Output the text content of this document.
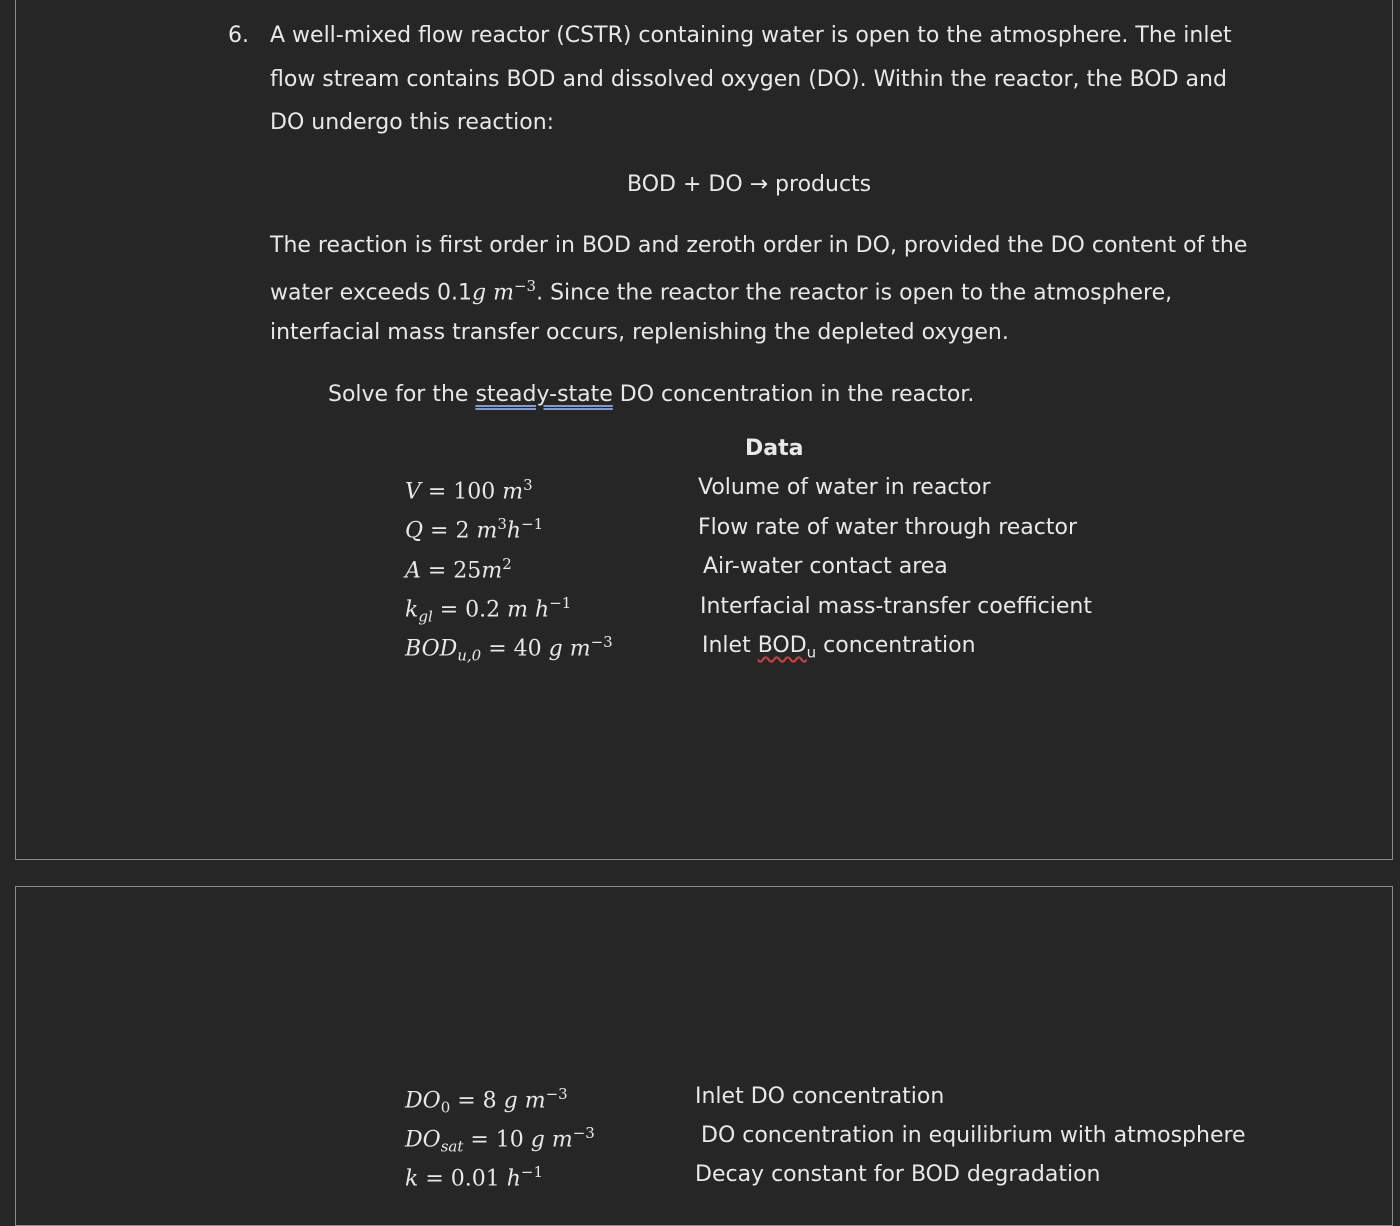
6. A well-mixed flow reactor (CSTR) containing water is open to the atmosphere. The inlet
flow stream contains BOD and dissolved oxygen (DO). Within the reactor, the BOD and
DO undergo this reaction:
BOD + DO → products
The reaction is first order in BOD and zeroth order in DO, provided the DO content of the
water exceeds 0.1g $m^{-3}$. Since the reactor the reactor is open to the atmosphere,
interfacial mass transfer occurs, replenishing the depleted oxygen.
Solve for the steady-state DO concentration in the reactor.
Data
V = 100 $m^3$	Volume of water in reactor
Q = 2 $m^3h^{-1}$	Flow rate of water through reactor
$A = 25m^2$	Air-water contact area
$k_{gl} = 0.2$ m $h^{-1}$	Interfacial mass-transfer coefficient
$BOD_{u,0} = 40$ g $m^{-3}$	Inlet $BOD_u$ concentration
$DO_0 = 8$ g $m^{-3}$	Inlet DO concentration
$DO_{sat} = 10$ g $m^{-3}$	DO concentration in equilibrium with atmosphere
k = 0.01 $h^{-1}$	Decay constant for BOD degradation
